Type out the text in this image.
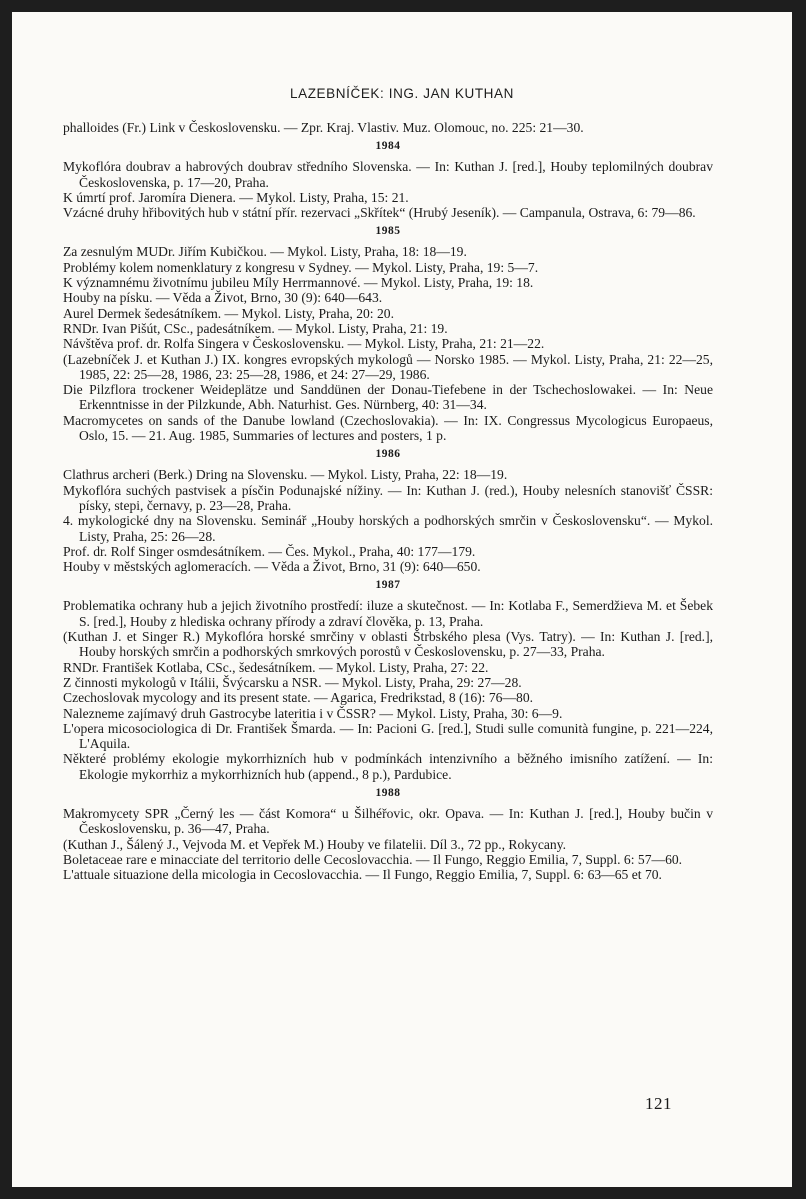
LAZEBNÍČEK: ING. JAN KUTHAN

phalloides (Fr.) Link v Československu. — Zpr. Kraj. Vlastiv. Muz. Olomouc, no. 225: 21—30.

1984

Mykoflóra doubrav a habrových doubrav středního Slovenska. — In: Kuthan J. [red.], Houby teplomilných doubrav Československa, p. 17—20, Praha.

K úmrtí prof. Jaromíra Dienera. — Mykol. Listy, Praha, 15: 21.

Vzácné druhy hřibovitých hub v státní přír. rezervaci „Skřítek“ (Hrubý Jeseník). — Campanula, Ostrava, 6: 79—86.

1985

Za zesnulým MUDr. Jiřím Kubičkou. — Mykol. Listy, Praha, 18: 18—19.

Problémy kolem nomenklatury z kongresu v Sydney. — Mykol. Listy, Praha, 19: 5—7.

K významnému životnímu jubileu Míly Herrmannové. — Mykol. Listy, Praha, 19: 18.

Houby na písku. — Věda a Život, Brno, 30 (9): 640—643.

Aurel Dermek šedesátníkem. — Mykol. Listy, Praha, 20: 20.

RNDr. Ivan Pišút, CSc., padesátníkem. — Mykol. Listy, Praha, 21: 19.

Návštěva prof. dr. Rolfa Singera v Československu. — Mykol. Listy, Praha, 21: 21—22.

(Lazebníček J. et Kuthan J.) IX. kongres evropských mykologů — Norsko 1985. — Mykol. Listy, Praha, 21: 22—25, 1985, 22: 25—28, 1986, 23: 25—28, 1986, et 24: 27—29, 1986.

Die Pilzflora trockener Weideplätze und Sanddünen der Donau-Tiefebene in der Tschechoslowakei. — In: Neue Erkenntnisse in der Pilzkunde, Abh. Naturhist. Ges. Nürnberg, 40: 31—34.

Macromycetes on sands of the Danube lowland (Czechoslovakia). — In: IX. Congressus Mycologicus Europaeus, Oslo, 15. — 21. Aug. 1985, Summaries of lectures and posters, 1 p.

1986

Clathrus archeri (Berk.) Dring na Slovensku. — Mykol. Listy, Praha, 22: 18—19.

Mykoflóra suchých pastvisek a písčin Podunajské nížiny. — In: Kuthan J. (red.), Houby nelesních stanovišť ČSSR: písky, stepi, černavy, p. 23—28, Praha.

4. mykologické dny na Slovensku. Seminář „Houby horských a podhorských smrčin v Československu“. — Mykol. Listy, Praha, 25: 26—28.

Prof. dr. Rolf Singer osmdesátníkem. — Čes. Mykol., Praha, 40: 177—179.

Houby v městských aglomeracích. — Věda a Život, Brno, 31 (9): 640—650.

1987

Problematika ochrany hub a jejich životního prostředí: iluze a skutečnost. — In: Kotlaba F., Semerdžieva M. et Šebek S. [red.], Houby z hlediska ochrany přírody a zdraví člověka, p. 13, Praha.

(Kuthan J. et Singer R.) Mykoflóra horské smrčiny v oblasti Štrbského plesa (Vys. Tatry). — In: Kuthan J. [red.], Houby horských smrčin a podhorských smrkových porostů v Československu, p. 27—33, Praha.

RNDr. František Kotlaba, CSc., šedesátníkem. — Mykol. Listy, Praha, 27: 22.

Z činnosti mykologů v Itálii, Švýcarsku a NSR. — Mykol. Listy, Praha, 29: 27—28.

Czechoslovak mycology and its present state. — Agarica, Fredrikstad, 8 (16): 76—80.

Nalezneme zajímavý druh Gastrocybe lateritia i v ČSSR? — Mykol. Listy, Praha, 30: 6—9.

L'opera micosociologica di Dr. František Šmarda. — In: Pacioni G. [red.], Studi sulle comunità fungine, p. 221—224, L'Aquila.

Některé problémy ekologie mykorrhizních hub v podmínkách intenzivního a běžného imisního zatížení. — In: Ekologie mykorrhiz a mykorrhizních hub (append., 8 p.), Pardubice.

1988

Makromycety SPR „Černý les — část Komora“ u Šilhéřovic, okr. Opava. — In: Kuthan J. [red.], Houby bučin v Československu, p. 36—47, Praha.

(Kuthan J., Šálený J., Vejvoda M. et Vepřek M.) Houby ve filatelii. Díl 3., 72 pp., Rokycany.

Boletaceae rare e minacciate del territorio delle Cecoslovacchia. — Il Fungo, Reggio Emilia, 7, Suppl. 6: 57—60.

L'attuale situazione della micologia in Cecoslovacchia. — Il Fungo, Reggio Emilia, 7, Suppl. 6: 63—65 et 70.

121
